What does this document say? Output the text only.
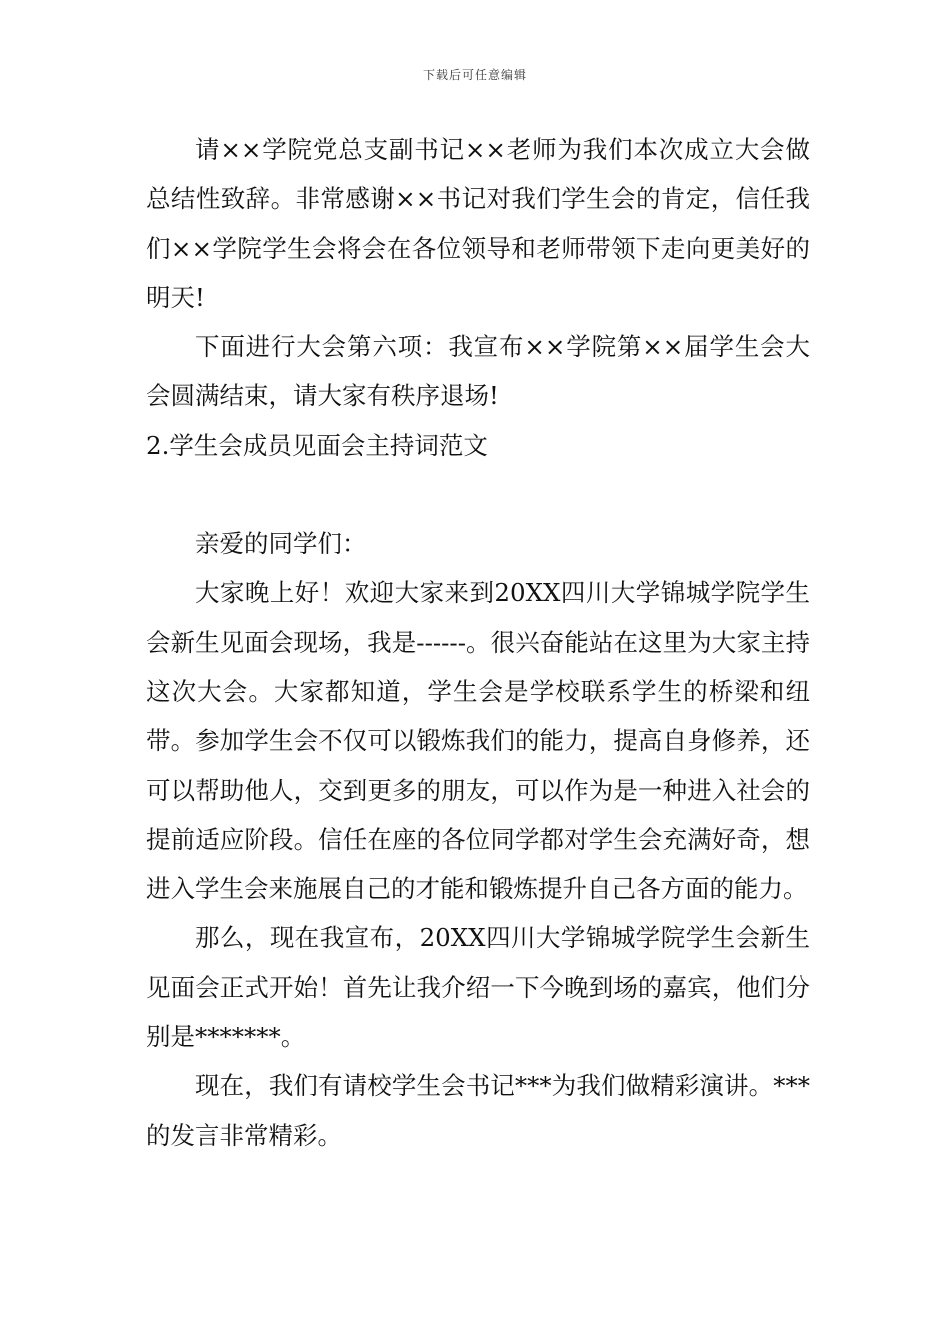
下载后可任意编辑

请××学院党总支副书记××老师为我们本次成立大会做总结性致辞。非常感谢××书记对我们学生会的肯定，信任我们××学院学生会将会在各位领导和老师带领下走向更美好的明天!

下面进行大会第六项：我宣布××学院第××届学生会大会圆满结束，请大家有秩序退场!

2.学生会成员见面会主持词范文

亲爱的同学们：

大家晚上好！欢迎大家来到20XX四川大学锦城学院学生会新生见面会现场，我是------。很兴奋能站在这里为大家主持这次大会。大家都知道，学生会是学校联系学生的桥梁和纽带。参加学生会不仅可以锻炼我们的能力，提高自身修养，还可以帮助他人，交到更多的朋友，可以作为是一种进入社会的提前适应阶段。信任在座的各位同学都对学生会充满好奇，想进入学生会来施展自己的才能和锻炼提升自己各方面的能力。

那么，现在我宣布，20XX四川大学锦城学院学生会新生见面会正式开始！首先让我介绍一下今晚到场的嘉宾，他们分别是*******。

现在，我们有请校学生会书记***为我们做精彩演讲。***的发言非常精彩。
